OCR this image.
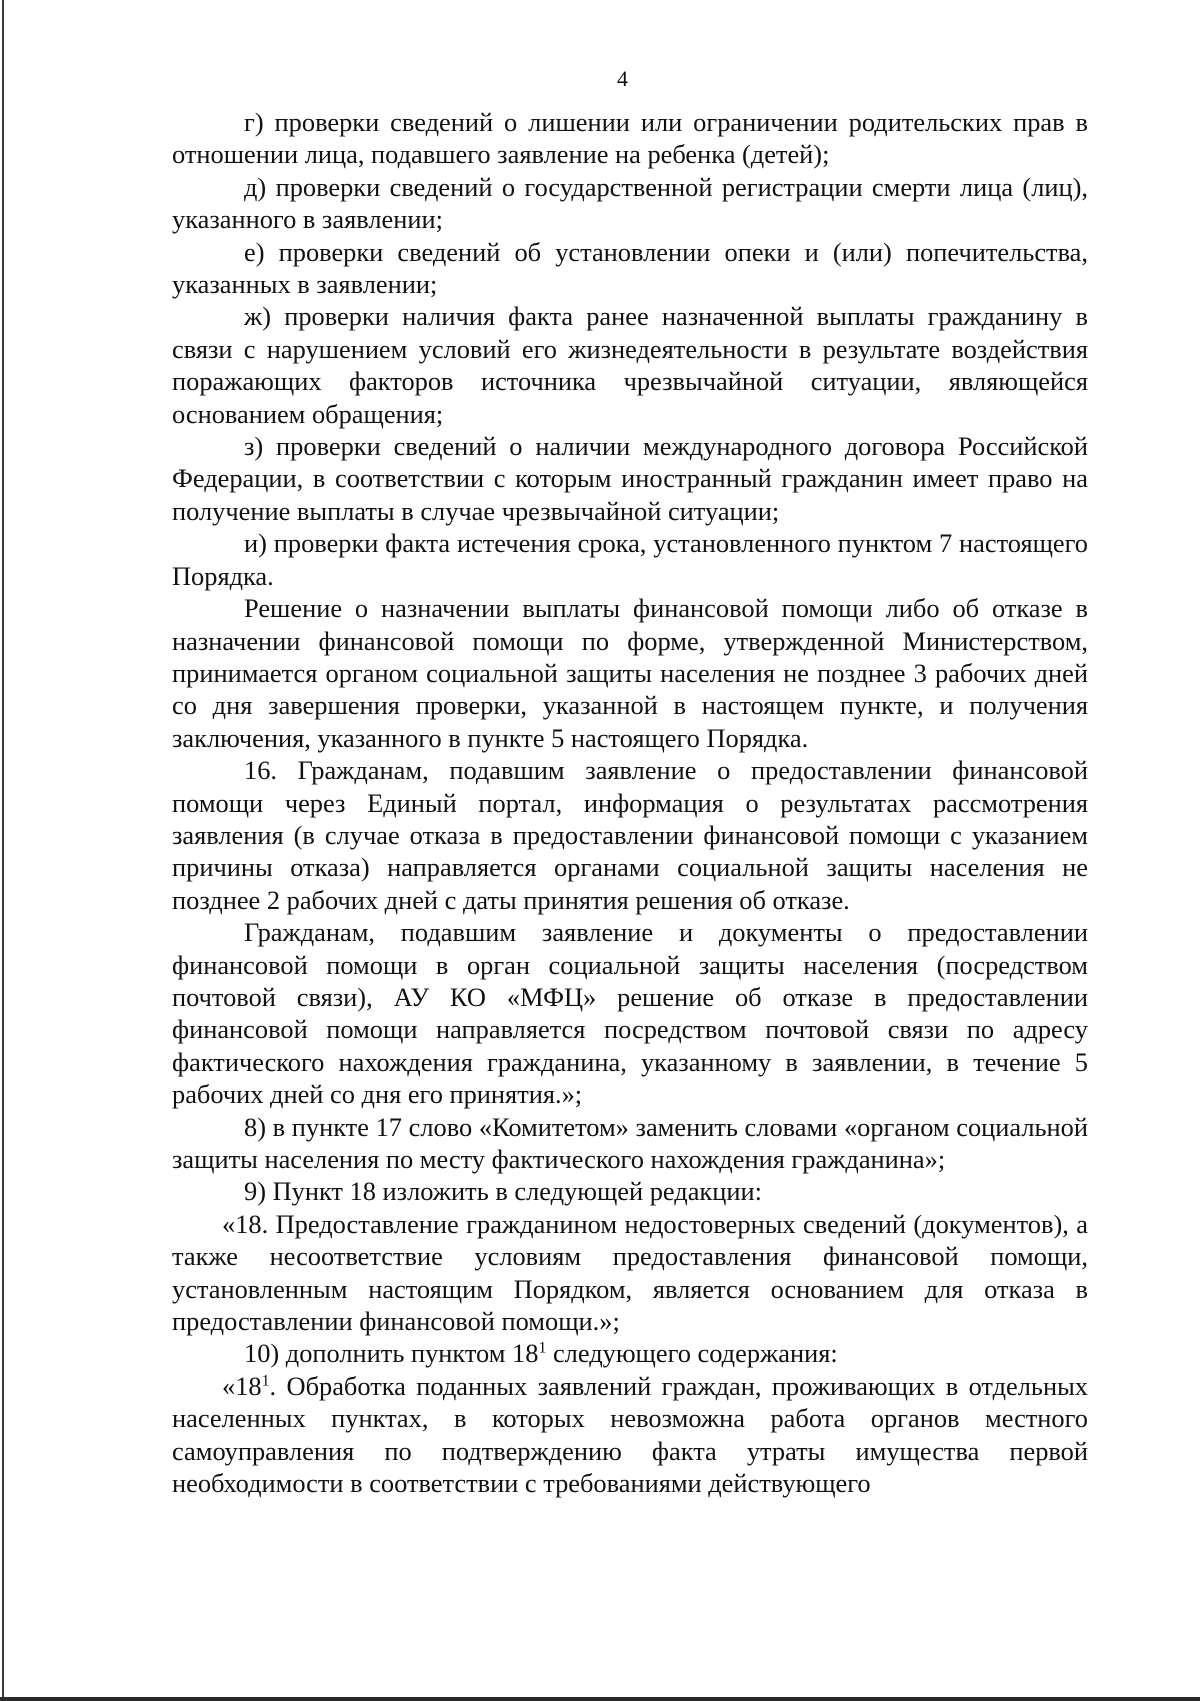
4

г) проверки сведений о лишении или ограничении родительских прав в отношении лица, подавшего заявление на ребенка (детей);

д) проверки сведений о государственной регистрации смерти лица (лиц), указанного в заявлении;

е) проверки сведений об установлении опеки и (или) попечительства, указанных в заявлении;

ж) проверки наличия факта ранее назначенной выплаты гражданину в связи с нарушением условий его жизнедеятельности в результате воздействия поражающих факторов источника чрезвычайной ситуации, являющейся основанием обращения;

з) проверки сведений о наличии международного договора Российской Федерации, в соответствии с которым иностранный гражданин имеет право на получение выплаты в случае чрезвычайной ситуации;

и) проверки факта истечения срока, установленного пунктом 7 настоящего Порядка.

Решение о назначении выплаты финансовой помощи либо об отказе в назначении финансовой помощи по форме, утвержденной Министерством, принимается органом социальной защиты населения не позднее 3 рабочих дней со дня завершения проверки, указанной в настоящем пункте, и получения заключения, указанного в пункте 5 настоящего Порядка.

16. Гражданам, подавшим заявление о предоставлении финансовой помощи через Единый портал, информация о результатах рассмотрения заявления (в случае отказа в предоставлении финансовой помощи с указанием причины отказа) направляется органами социальной защиты населения не позднее 2 рабочих дней с даты принятия решения об отказе.

Гражданам, подавшим заявление и документы о предоставлении финансовой помощи в орган социальной защиты населения (посредством почтовой связи), АУ КО «МФЦ» решение об отказе в предоставлении финансовой помощи направляется посредством почтовой связи по адресу фактического нахождения гражданина, указанному в заявлении, в течение 5 рабочих дней со дня его принятия.»;

8) в пункте 17 слово «Комитетом» заменить словами «органом социальной защиты населения по месту фактического нахождения гражданина»;

9) Пункт 18 изложить в следующей редакции:

«18. Предоставление гражданином недостоверных сведений (документов), а также несоответствие условиям предоставления финансовой помощи, установленным настоящим Порядком, является основанием для отказа в предоставлении финансовой помощи.»;

10) дополнить пунктом $18^1$ следующего содержания:

«$18^1$. Обработка поданных заявлений граждан, проживающих в отдельных населенных пунктах, в которых невозможна работа органов местного самоуправления по подтверждению факта утраты имущества первой необходимости в соответствии с требованиями действующего
